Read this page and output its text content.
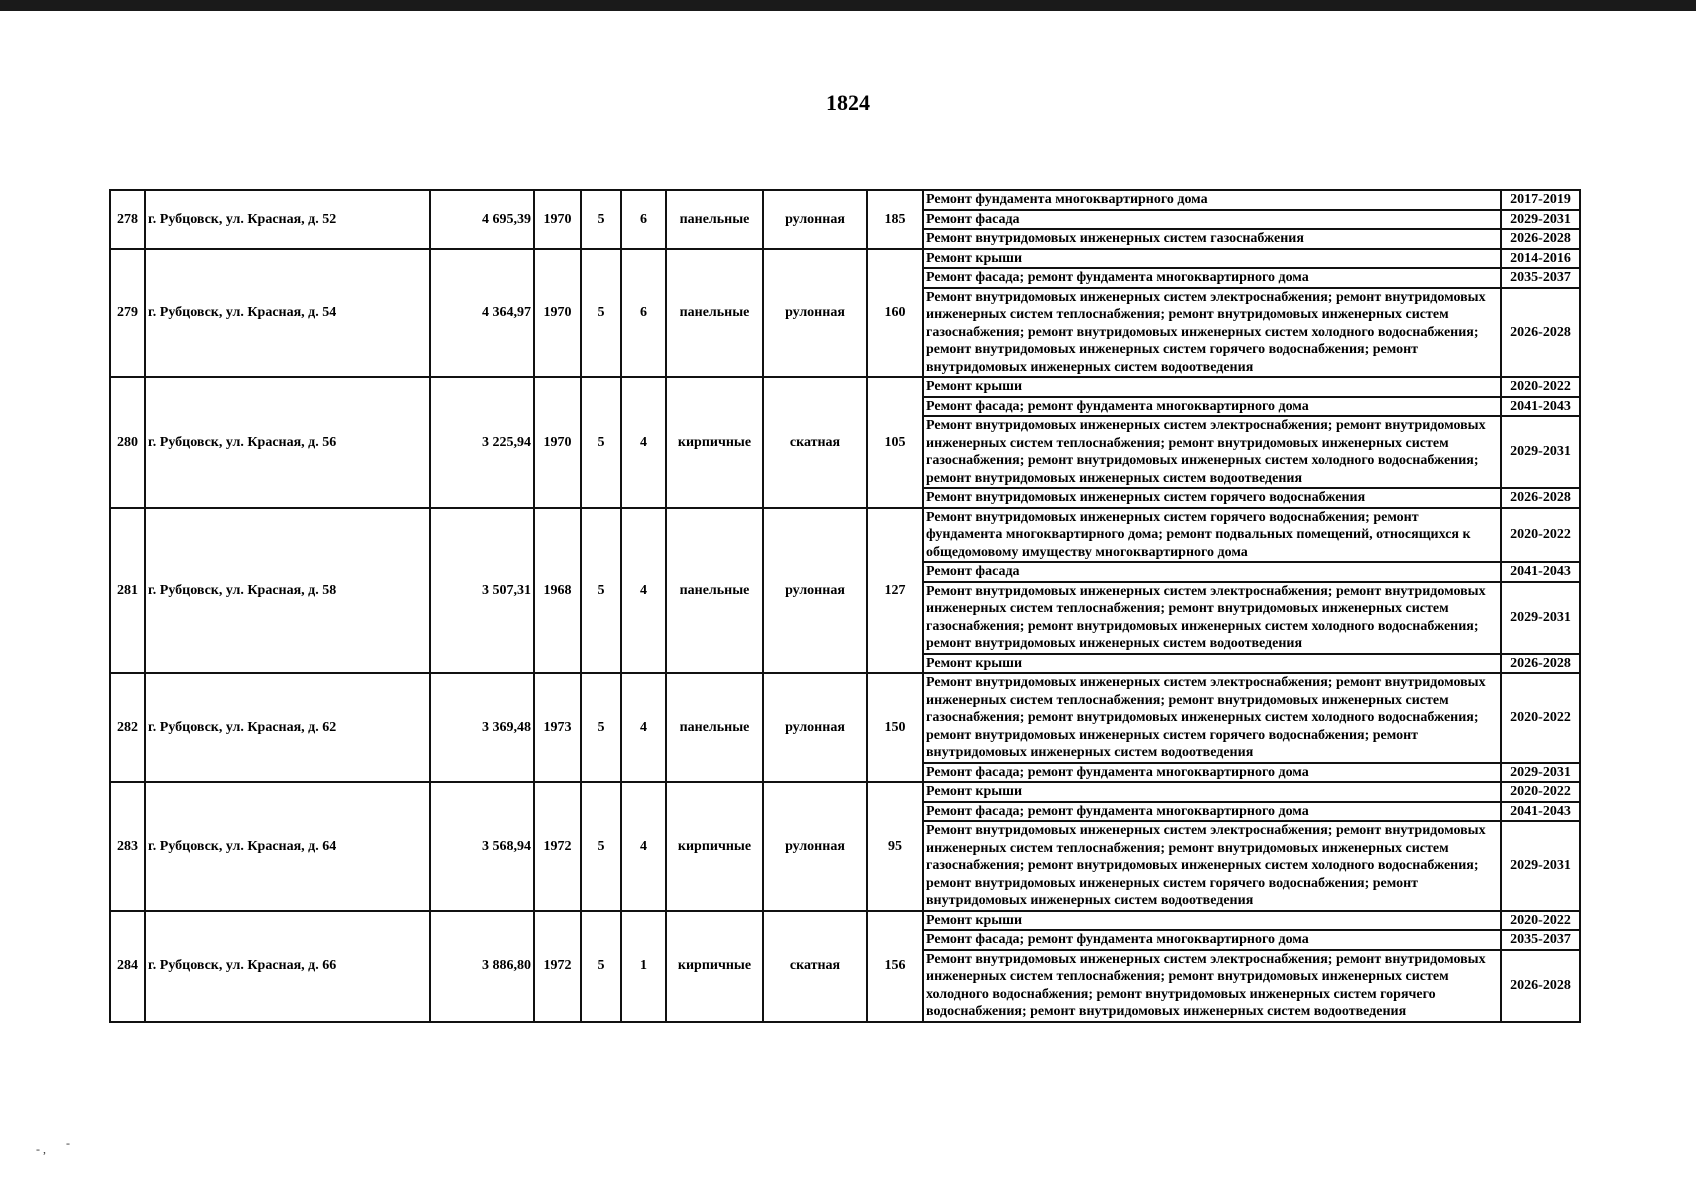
1824
278	г. Рубцовск, ул. Красная, д. 52	4 695,39	1970	5	6	панельные	рулонная	185	Ремонт фундамента многоквартирного дома	2017-2019
									Ремонт фасада	2029-2031
									Ремонт внутридомовых инженерных систем газоснабжения	2026-2028
279	г. Рубцовск, ул. Красная, д. 54	4 364,97	1970	5	6	панельные	рулонная	160	Ремонт крыши	2014-2016
									Ремонт фасада; ремонт фундамента многоквартирного дома	2035-2037
									Ремонт внутридомовых инженерных систем электроснабжения; ремонт внутридомовых инженерных систем теплоснабжения; ремонт внутридомовых инженерных систем газоснабжения; ремонт внутридомовых инженерных систем холодного водоснабжения; ремонт внутридомовых инженерных систем горячего водоснабжения; ремонт внутридомовых инженерных систем водоотведения	2026-2028
280	г. Рубцовск, ул. Красная, д. 56	3 225,94	1970	5	4	кирпичные	скатная	105	Ремонт крыши	2020-2022
									Ремонт фасада; ремонт фундамента многоквартирного дома	2041-2043
									Ремонт внутридомовых инженерных систем электроснабжения; ремонт внутридомовых инженерных систем теплоснабжения; ремонт внутридомовых инженерных систем газоснабжения; ремонт внутридомовых инженерных систем холодного водоснабжения; ремонт внутридомовых инженерных систем водоотведения	2029-2031
									Ремонт внутридомовых инженерных систем горячего водоснабжения	2026-2028
281	г. Рубцовск, ул. Красная, д. 58	3 507,31	1968	5	4	панельные	рулонная	127	Ремонт внутридомовых инженерных систем горячего водоснабжения; ремонт фундамента многоквартирного дома; ремонт подвальных помещений, относящихся к общедомовому имуществу многоквартирного дома	2020-2022
									Ремонт фасада	2041-2043
									Ремонт внутридомовых инженерных систем электроснабжения; ремонт внутридомовых инженерных систем теплоснабжения; ремонт внутридомовых инженерных систем газоснабжения; ремонт внутридомовых инженерных систем холодного водоснабжения; ремонт внутридомовых инженерных систем водоотведения	2029-2031
									Ремонт крыши	2026-2028
282	г. Рубцовск, ул. Красная, д. 62	3 369,48	1973	5	4	панельные	рулонная	150	Ремонт внутридомовых инженерных систем электроснабжения; ремонт внутридомовых инженерных систем теплоснабжения; ремонт внутридомовых инженерных систем газоснабжения; ремонт внутридомовых инженерных систем холодного водоснабжения; ремонт внутридомовых инженерных систем горячего водоснабжения; ремонт внутридомовых инженерных систем водоотведения	2020-2022
									Ремонт фасада; ремонт фундамента многоквартирного дома	2029-2031
283	г. Рубцовск, ул. Красная, д. 64	3 568,94	1972	5	4	кирпичные	рулонная	95	Ремонт крыши	2020-2022
									Ремонт фасада; ремонт фундамента многоквартирного дома	2041-2043
									Ремонт внутридомовых инженерных систем электроснабжения; ремонт внутридомовых инженерных систем теплоснабжения; ремонт внутридомовых инженерных систем газоснабжения; ремонт внутридомовых инженерных систем холодного водоснабжения; ремонт внутридомовых инженерных систем горячего водоснабжения; ремонт внутридомовых инженерных систем водоотведения	2029-2031
284	г. Рубцовск, ул. Красная, д. 66	3 886,80	1972	5	1	кирпичные	скатная	156	Ремонт крыши	2020-2022
									Ремонт фасада; ремонт фундамента многоквартирного дома	2035-2037
									Ремонт внутридомовых инженерных систем электроснабжения; ремонт внутридомовых инженерных систем теплоснабжения; ремонт внутридомовых инженерных систем холодного водоснабжения; ремонт внутридомовых инженерных систем горячего водоснабжения; ремонт внутридомовых инженерных систем водоотведения	2026-2028
- , ‐
